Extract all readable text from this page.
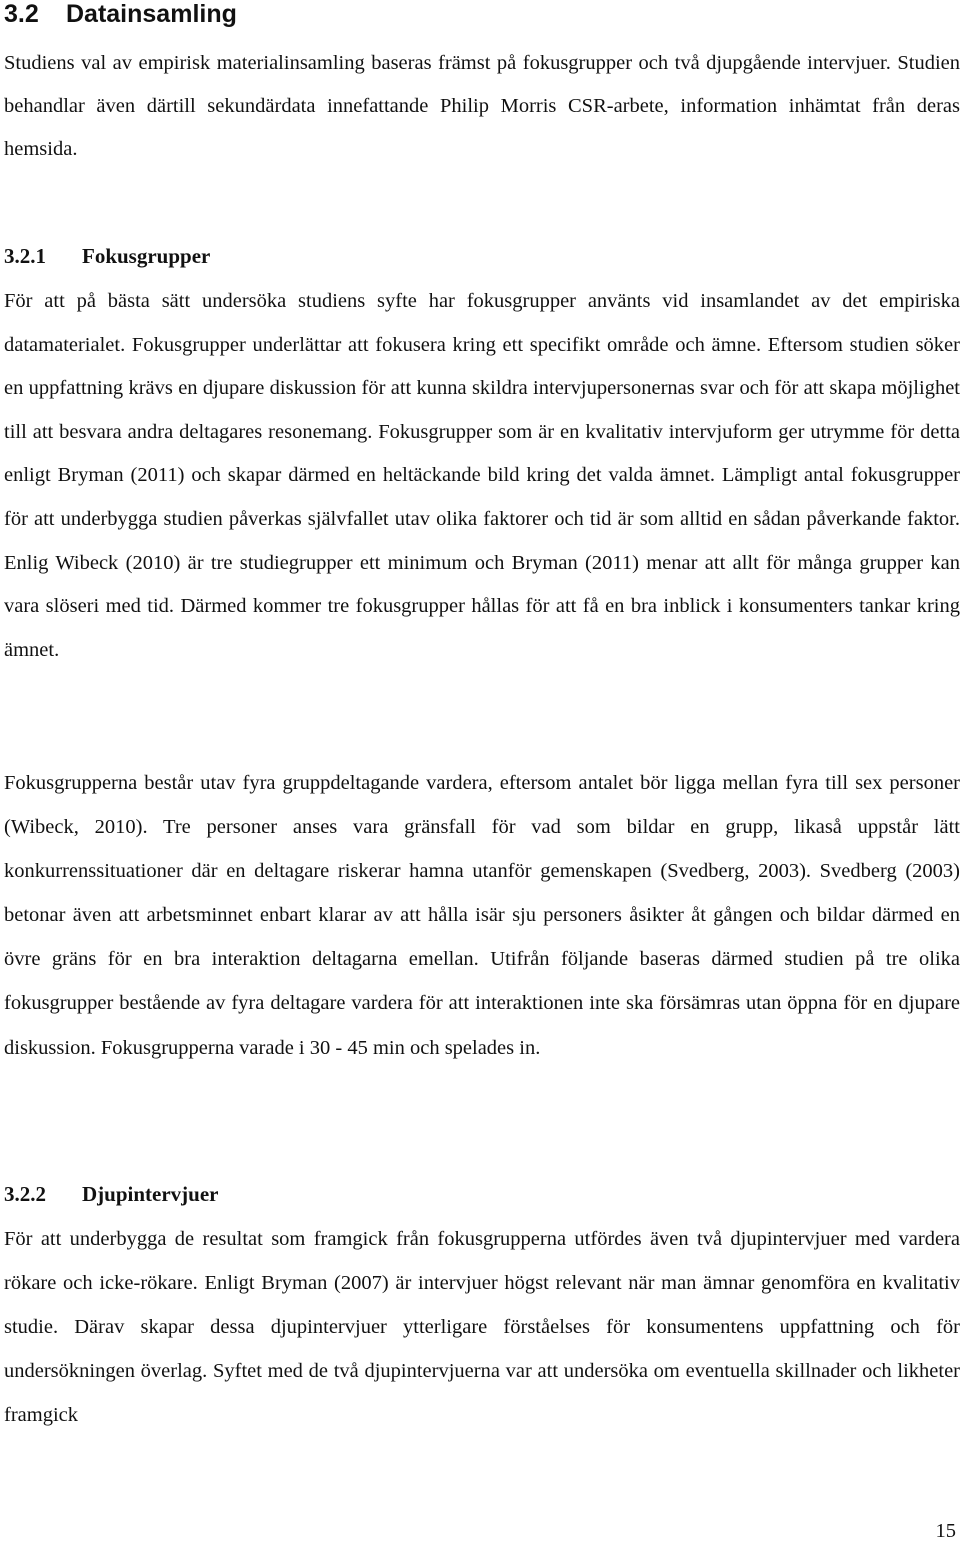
3.2 Datainsamling

Studiens val av empirisk materialinsamling baseras främst på fokusgrupper och två djupgående intervjuer. Studien behandlar även därtill sekundärdata innefattande Philip Morris CSR-arbete, information inhämtat från deras hemsida.

3.2.1 Fokusgrupper

För att på bästa sätt undersöka studiens syfte har fokusgrupper använts vid insamlandet av det empiriska datamaterialet. Fokusgrupper underlättar att fokusera kring ett specifikt område och ämne. Eftersom studien söker en uppfattning krävs en djupare diskussion för att kunna skildra intervjupersonernas svar och för att skapa möjlighet till att besvara andra deltagares resonemang. Fokusgrupper som är en kvalitativ intervjuform ger utrymme för detta enligt Bryman (2011) och skapar därmed en heltäckande bild kring det valda ämnet. Lämpligt antal fokusgrupper för att underbygga studien påverkas självfallet utav olika faktorer och tid är som alltid en sådan påverkande faktor. Enlig Wibeck (2010) är tre studiegrupper ett minimum och Bryman (2011) menar att allt för många grupper kan vara slöseri med tid. Därmed kommer tre fokusgrupper hållas för att få en bra inblick i konsumenters tankar kring ämnet.

Fokusgrupperna består utav fyra gruppdeltagande vardera, eftersom antalet bör ligga mellan fyra till sex personer (Wibeck, 2010). Tre personer anses vara gränsfall för vad som bildar en grupp, likaså uppstår lätt konkurrenssituationer där en deltagare riskerar hamna utanför gemenskapen (Svedberg, 2003). Svedberg (2003) betonar även att arbetsminnet enbart klarar av att hålla isär sju personers åsikter åt gången och bildar därmed en övre gräns för en bra interaktion deltagarna emellan. Utifrån följande baseras därmed studien på tre olika fokusgrupper bestående av fyra deltagare vardera för att interaktionen inte ska försämras utan öppna för en djupare diskussion. Fokusgrupperna varade i 30 - 45 min och spelades in.

3.2.2 Djupintervjuer

För att underbygga de resultat som framgick från fokusgrupperna utfördes även två djupintervjuer med vardera rökare och icke-rökare. Enligt Bryman (2007) är intervjuer högst relevant när man ämnar genomföra en kvalitativ studie. Därav skapar dessa djupintervjuer ytterligare förståelses för konsumentens uppfattning och för undersökningen överlag. Syftet med de två djupintervjuerna var att undersöka om eventuella skillnader och likheter framgick

15
